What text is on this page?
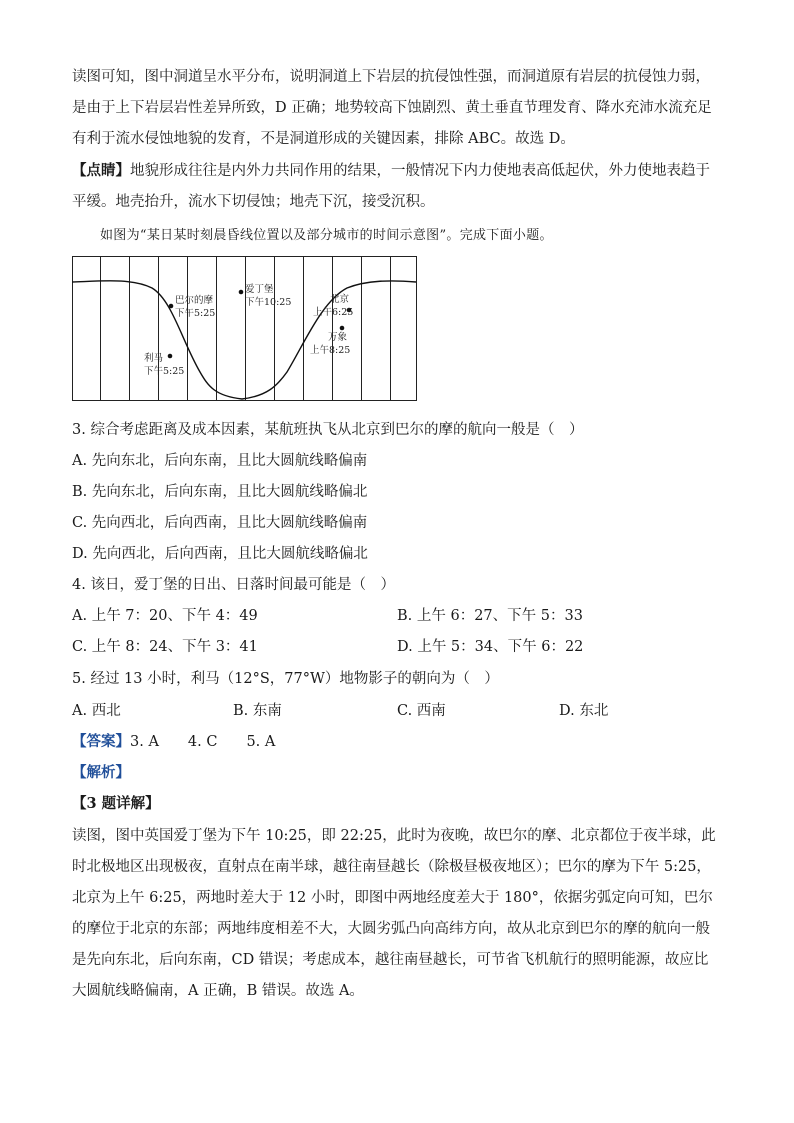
读图可知，图中洞道呈水平分布，说明洞道上下岩层的抗侵蚀性强，而洞道原有岩层的抗侵蚀力弱，是由于上下岩层岩性差异所致，D 正确；地势较高下蚀剧烈、黄土垂直节理发育、降水充沛水流充足有利于流水侵蚀地貌的发育，不是洞道形成的关键因素，排除 ABC。故选 D。

【点睛】地貌形成往往是内外力共同作用的结果，一般情况下内力使地表高低起伏，外力使地表趋于平缓。地壳抬升，流水下切侵蚀；地壳下沉，接受沉积。

如图为“某日某时刻晨昏线位置以及部分城市的时间示意图”。完成下面小题。
巴尔的摩
下午5:25
爱丁堡
下午10:25	北京
上午6:25
万象
上午8:25
利马
下午5:25
3. 综合考虑距离及成本因素，某航班执飞从北京到巴尔的摩的航向一般是（　）
A. 先向东北，后向东南，且比大圆航线略偏南
B. 先向东北，后向东南，且比大圆航线略偏北
C. 先向西北，后向西南，且比大圆航线略偏南
D. 先向西北，后向西南，且比大圆航线略偏北
4. 该日，爱丁堡的日出、日落时间最可能是（　）
A. 上午 7：20、下午 4：49	B. 上午 6：27、下午 5：33
C. 上午 8：24、下午 3：41	D. 上午 5：34、下午 6：22
5. 经过 13 小时，利马（12°S，77°W）地物影子的朝向为（　）
A. 西北	B. 东南	C. 西南	D. 东北
【答案】3. A　　4. C　　5. A
【解析】
【3 题详解】

读图，图中英国爱丁堡为下午 10:25，即 22:25，此时为夜晚，故巴尔的摩、北京都位于夜半球，此时北极地区出现极夜，直射点在南半球，越往南昼越长（除极昼极夜地区）；巴尔的摩为下午 5:25，北京为上午 6:25，两地时差大于 12 小时，即图中两地经度差大于 180°，依据劣弧定向可知，巴尔的摩位于北京的东部；两地纬度相差不大，大圆劣弧凸向高纬方向，故从北京到巴尔的摩的航向一般是先向东北，后向东南，CD 错误；考虑成本，越往南昼越长，可节省飞机航行的照明能源，故应比大圆航线略偏南，A 正确，B 错误。故选 A。
